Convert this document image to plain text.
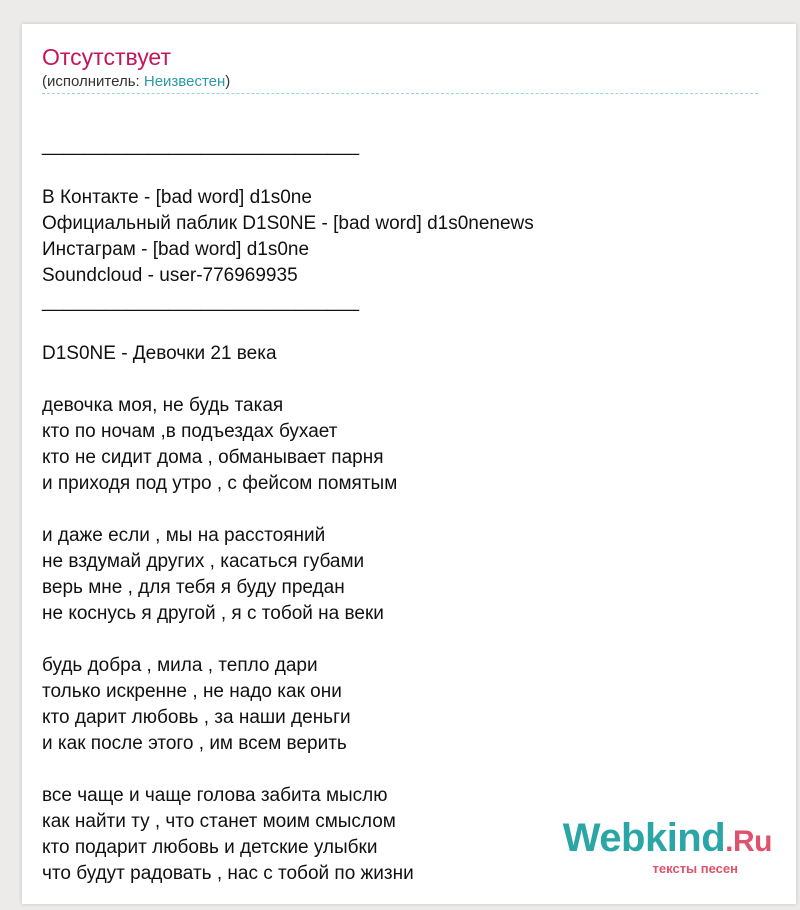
Отсутствует
(исполнитель: Неизвестен)
______________________________

В Контакте - [bad word] d1s0ne
Официальный паблик D1S0NE - [bad word] d1s0nenews
Инстаграм - [bad word] d1s0ne
Soundcloud - user-776969935
______________________________

D1S0NE - Девочки 21 века

девочка моя, не будь такая
кто по ночам ,в подъездах бухает
кто не сидит дома , обманывает парня
и приходя под утро , с фейсом помятым

и даже если , мы на расстояний
не вздумай других , касаться губами
верь мне , для тебя я буду предан
не коснусь я другой , я с тобой на веки

будь добра , мила , тепло дари
только искренне , не надо как они
кто дарит любовь , за наши деньги
и как после этого , им всем верить

все чаще и чаще голова забита мыслю
как найти ту , что станет моим смыслом
кто подарит любовь и детские улыбки
что будут радовать , нас с тобой по жизни
Webkind.Ru
тексты песен
